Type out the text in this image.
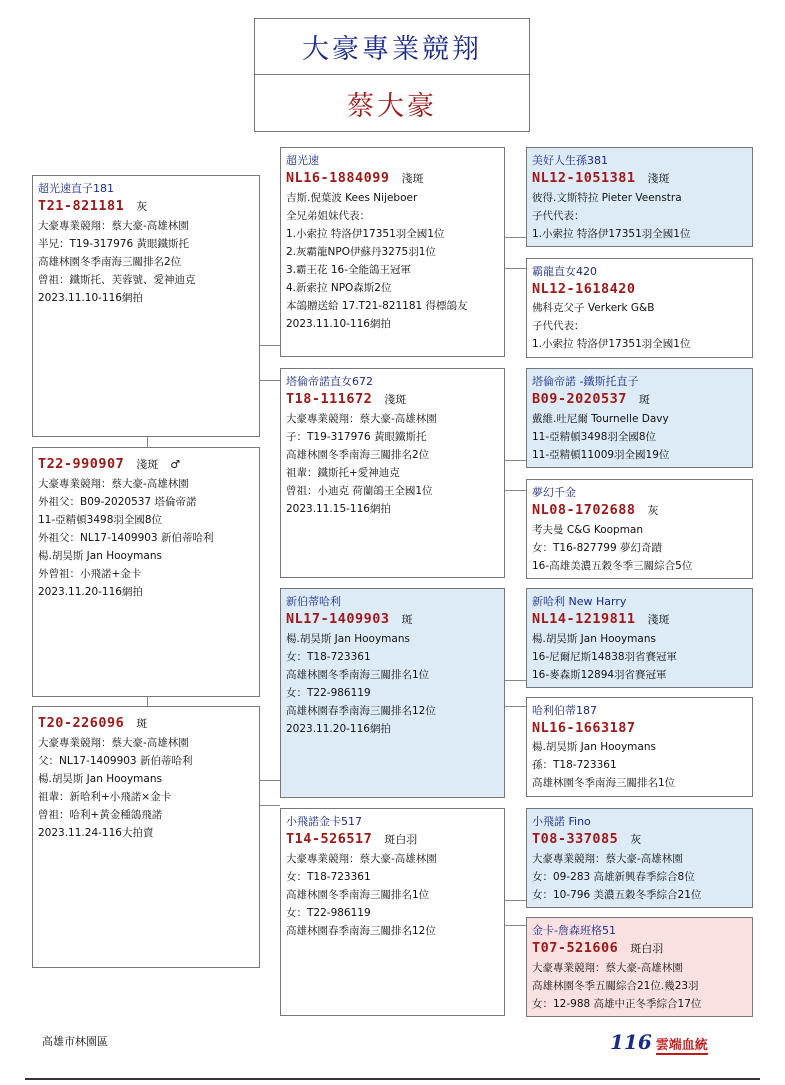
大豪專業競翔
蔡大豪
超光速直子181
T21-821181 灰
大豪專業競翔：蔡大豪-高雄林園
半兄：T19-317976 黃眼鐵斯托
高雄林園冬季南海三關排名2位
曾祖：鐵斯托、芙蓉號、愛神迪克
2023.11.10-116網拍
T22-990907 淺斑 ♂
大豪專業競翔：蔡大豪-高雄林園
外祖父：B09-2020537 塔倫帝諾
11-亞精頓3498羽全國8位
外祖父：NL17-1409903 新伯蒂哈利
楊.胡昊斯 Jan Hooymans
外曾祖：小飛諾+金卡
2023.11.20-116網拍
T20-226096 斑
大豪專業競翔：蔡大豪-高雄林園
父：NL17-1409903 新伯蒂哈利
楊.胡昊斯 Jan Hooymans
祖輩：新哈利+小飛諾×金卡
曾祖：哈利+黃金種鴿飛諾
2023.11.24-116大拍賣
超光速
NL16-1884099 淺斑
吉斯.倪葉波 Kees Nijeboer
全兄弟姐妹代表：
1.小索拉 特洛伊17351羽全國1位
2.灰霸龍NPO伊蘇丹3275羽1位
3.霸王花 16-全能鴿王冠軍
4.新索拉 NPO森斯2位
本鴿贈送給 17.T21-821181 得標鴿友
2023.11.10-116網拍
塔倫帝諾直女672
T18-111672 淺斑
大豪專業競翔：蔡大豪-高雄林園
子：T19-317976 黃眼鐵斯托
高雄林園冬季南海三關排名2位
祖輩：鐵斯托+愛神迪克
曾祖：小迪克 荷蘭鴿王全國1位
2023.11.15-116網拍
新伯蒂哈利
NL17-1409903 斑
楊.胡昊斯 Jan Hooymans
女：T18-723361
高雄林園冬季南海三關排名1位
女：T22-986119
高雄林園春季南海三關排名12位
2023.11.20-116網拍
小飛諾金卡517
T14-526517 斑白羽
大豪專業競翔：蔡大豪-高雄林園
女：T18-723361
高雄林園冬季南海三關排名1位
女：T22-986119
高雄林園春季南海三關排名12位
美好人生孫381
NL12-1051381 淺斑
彼得.文斯特拉 Pieter Veenstra
子代代表：
1.小索拉 特洛伊17351羽全國1位
霸龍直女420
NL12-1618420
佛科克父子 Verkerk G&B
子代代表：
1.小索拉 特洛伊17351羽全國1位
塔倫帝諾 -鐵斯托直子
B09-2020537 斑
戴維.吐尼爾 Tournelle Davy
11-亞精頓3498羽全國8位
11-亞精頓11009羽全國19位
夢幻千金
NL08-1702688 灰
考夫曼 C&G Koopman
女：T16-827799 夢幻奇蹟
16-高雄美濃五穀冬季三關綜合5位
新哈利 New Harry
NL14-1219811 淺斑
楊.胡昊斯 Jan Hooymans
16-尼爾尼斯14838羽省賽冠軍
16-麥森斯12894羽省賽冠軍
哈利伯蒂187
NL16-1663187
楊.胡昊斯 Jan Hooymans
孫：T18-723361
高雄林園冬季南海三關排名1位
小飛諾 Fino
T08-337085 灰
大豪專業競翔：蔡大豪-高雄林園
女：09-283 高雄新興春季綜合8位
女：10-796 美濃五穀冬季綜合21位
金卡-詹森班格51
T07-521606 斑白羽
大豪專業競翔：蔡大豪-高雄林園
高雄林園冬季五關綜合21位.幾23羽
女：12-988 高雄中正冬季綜合17位
高雄市林園區	116 雲端血統
